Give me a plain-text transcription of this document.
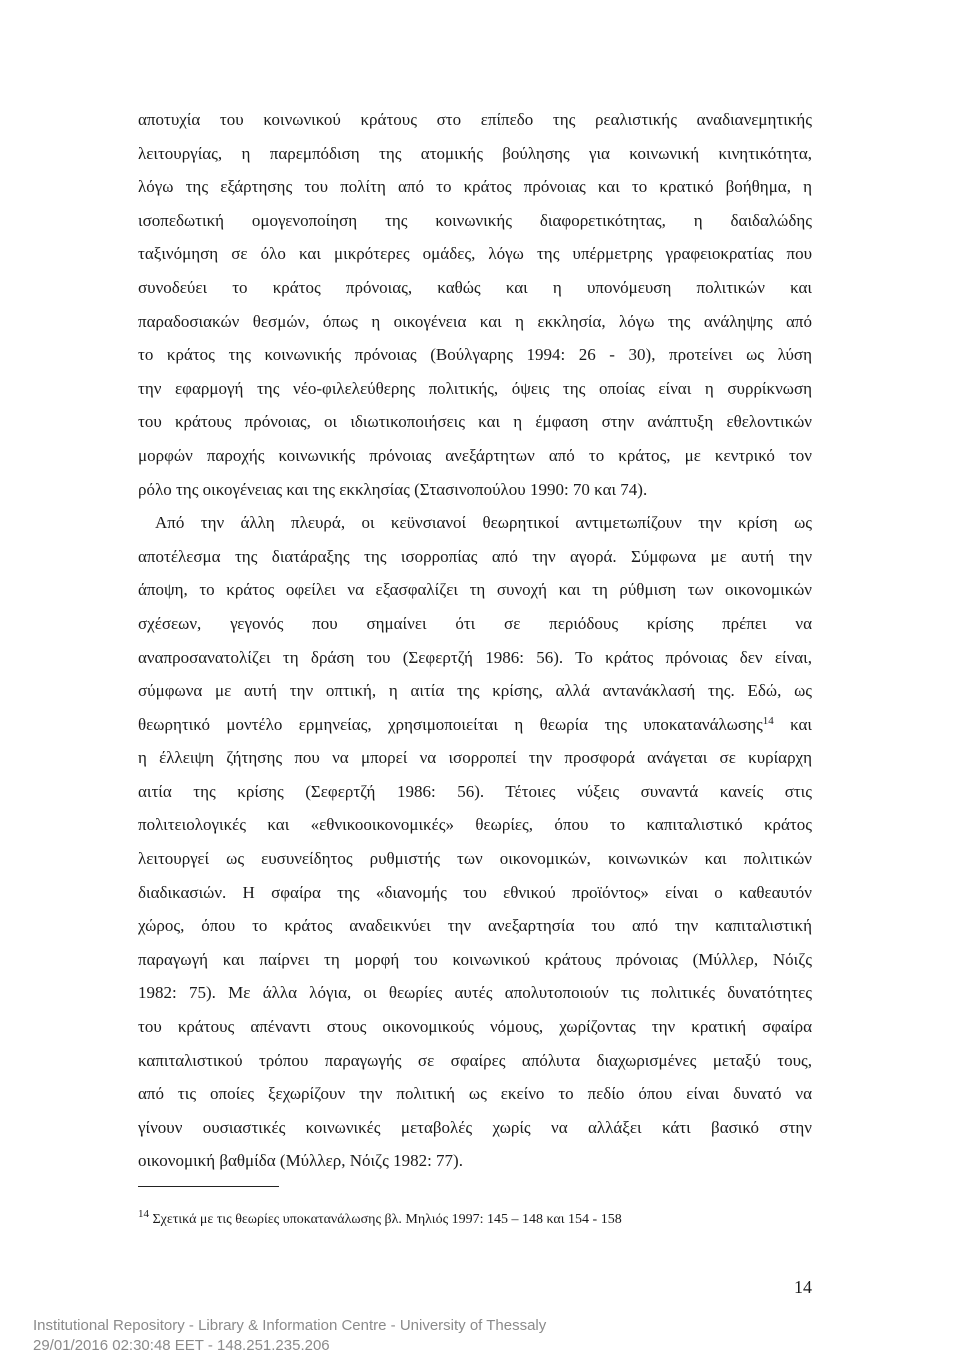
αποτυχία του κοινωνικού κράτους στο επίπεδο της ρεαλιστικής αναδιανεμητικής
λειτουργίας, η παρεμπόδιση της ατομικής βούλησης για κοινωνική κινητικότητα,
λόγω της εξάρτησης του πολίτη από το κράτος πρόνοιας και το κρατικό βοήθημα, η
ισοπεδωτική ομογενοποίηση της κοινωνικής διαφορετικότητας, η δαιδαλώδης
ταξινόμηση σε όλο και μικρότερες ομάδες, λόγω της υπέρμετρης γραφειοκρατίας που
συνοδεύει το κράτος πρόνοιας, καθώς και η υπονόμευση πολιτικών και
παραδοσιακών θεσμών, όπως η οικογένεια και η εκκλησία, λόγω της ανάληψης από
το κράτος της κοινωνικής πρόνοιας (Βούλγαρης 1994: 26 - 30), προτείνει ως λύση
την εφαρμογή της νέο-φιλελεύθερης πολιτικής, όψεις της οποίας είναι η συρρίκνωση
του κράτους πρόνοιας, οι ιδιωτικοποιήσεις και η έμφαση στην ανάπτυξη εθελοντικών
μορφών παροχής κοινωνικής πρόνοιας ανεξάρτητων από το κράτος, με κεντρικό τον
ρόλο της οικογένειας και της εκκλησίας (Στασινοπούλου 1990: 70 και 74).
Από την άλλη πλευρά, οι κεϋνσιανοί θεωρητικοί αντιμετωπίζουν την κρίση ως
αποτέλεσμα της διατάραξης της ισορροπίας από την αγορά. Σύμφωνα με αυτή την
άποψη, το κράτος οφείλει να εξασφαλίζει τη συνοχή και τη ρύθμιση των οικονομικών
σχέσεων, γεγονός που σημαίνει ότι σε περιόδους κρίσης πρέπει να
αναπροσανατολίζει τη δράση του (Σεφερτζή 1986: 56). Το κράτος πρόνοιας δεν είναι,
σύμφωνα με αυτή την οπτική, η αιτία της κρίσης, αλλά αντανάκλασή της. Εδώ, ως
θεωρητικό μοντέλο ερμηνείας, χρησιμοποιείται η θεωρία της υποκατανάλωσης$^{14}$ και
η έλλειψη ζήτησης που να μπορεί να ισορροπεί την προσφορά ανάγεται σε κυρίαρχη
αιτία της κρίσης (Σεφερτζή 1986: 56). Τέτοιες νύξεις συναντά κανείς στις
πολιτειολογικές και «εθνικοοικονομικές» θεωρίες, όπου το καπιταλιστικό κράτος
λειτουργεί ως ευσυνείδητος ρυθμιστής των οικονομικών, κοινωνικών και πολιτικών
διαδικασιών. Η σφαίρα της «διανομής του εθνικού προϊόντος» είναι ο καθεαυτόν
χώρος, όπου το κράτος αναδεικνύει την ανεξαρτησία του από την καπιταλιστική
παραγωγή και παίρνει τη μορφή του κοινωνικού κράτους πρόνοιας (Μύλλερ, Νόιζς
1982: 75). Με άλλα λόγια, οι θεωρίες αυτές απολυτοποιούν τις πολιτικές δυνατότητες
του κράτους απέναντι στους οικονομικούς νόμους, χωρίζοντας την κρατική σφαίρα
καπιταλιστικού τρόπου παραγωγής σε σφαίρες απόλυτα διαχωρισμένες μεταξύ τους,
από τις οποίες ξεχωρίζουν την πολιτική ως εκείνο το πεδίο όπου είναι δυνατό να
γίνουν ουσιαστικές κοινωνικές μεταβολές χωρίς να αλλάξει κάτι βασικό στην
οικονομική βαθμίδα (Μύλλερ, Νόιζς 1982: 77).
$^{14}$ Σχετικά με τις θεωρίες υποκατανάλωσης βλ. Μηλιός 1997: 145 – 148 και 154 - 158
14
Institutional Repository - Library & Information Centre - University of Thessaly
29/01/2016 02:30:48 EET - 148.251.235.206
